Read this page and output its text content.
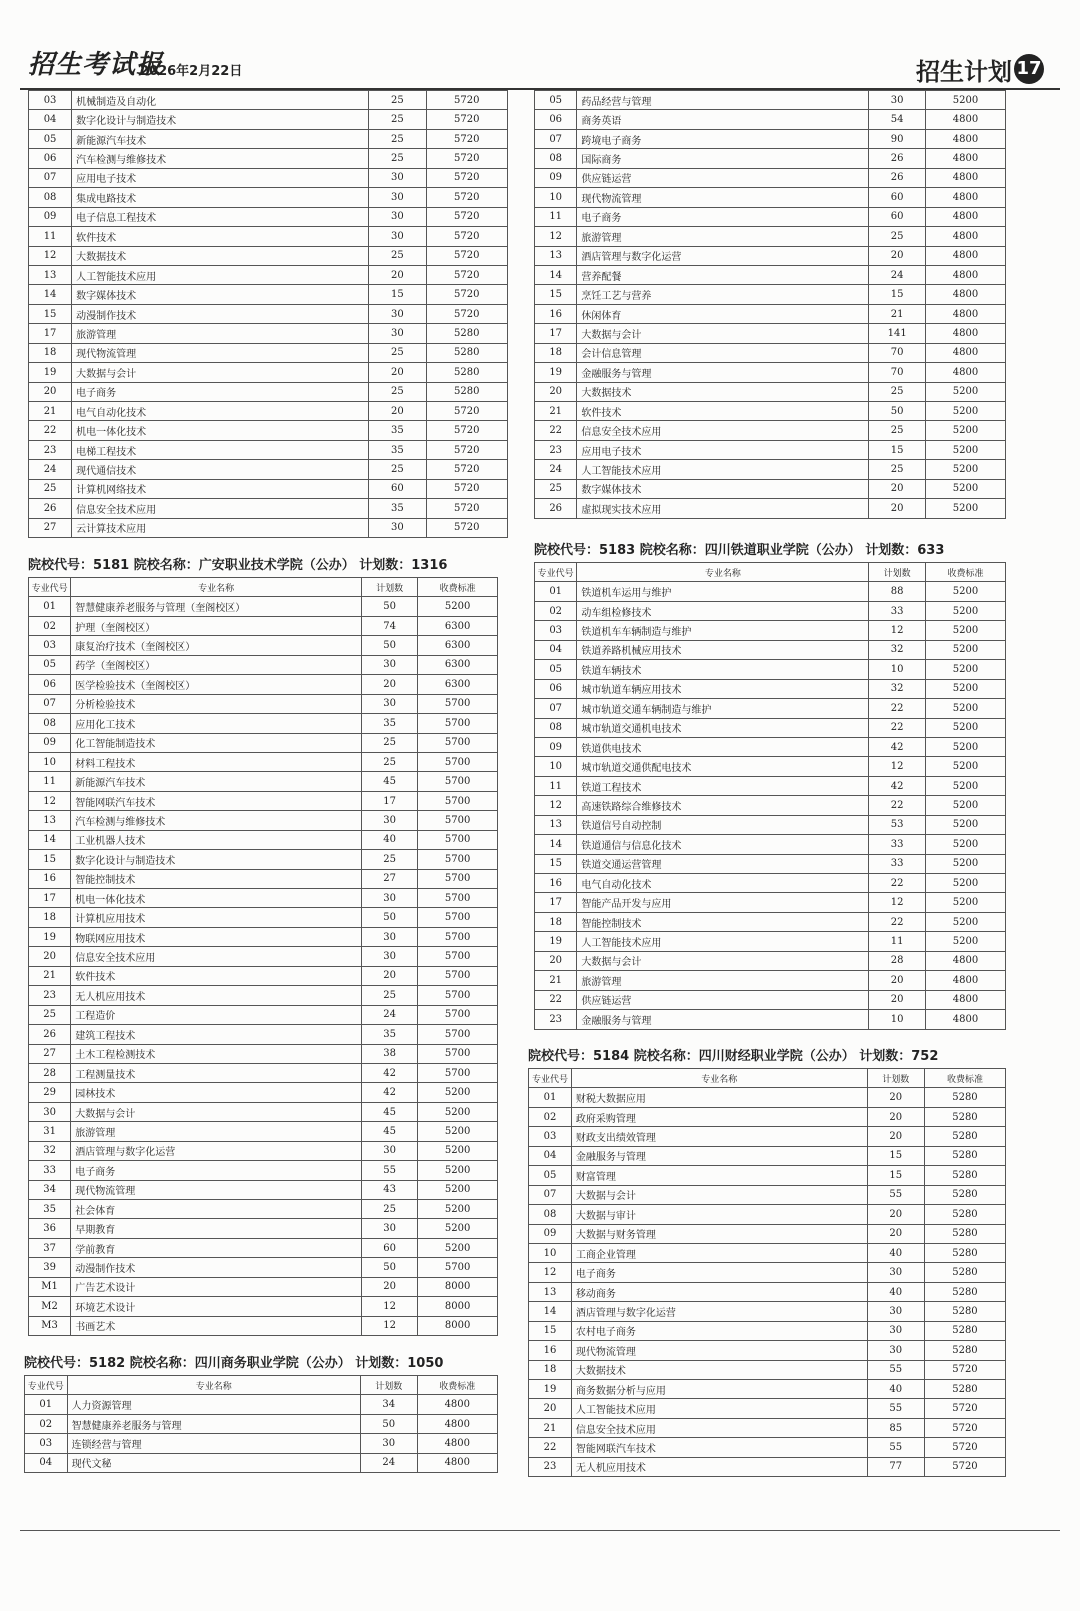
招生考试报
2026年2月22日	招生计划 17
03	机械制造及自动化	25	5720
04	数字化设计与制造技术	25	5720
05	新能源汽车技术	25	5720
06	汽车检测与维修技术	25	5720
07	应用电子技术	30	5720
08	集成电路技术	30	5720
09	电子信息工程技术	30	5720
11	软件技术	30	5720
12	大数据技术	25	5720
13	人工智能技术应用	20	5720
14	数字媒体技术	15	5720
15	动漫制作技术	30	5720
17	旅游管理	30	5280
18	现代物流管理	25	5280
19	大数据与会计	20	5280
20	电子商务	25	5280
21	电气自动化技术	20	5720
22	机电一体化技术	35	5720
23	电梯工程技术	35	5720
24	现代通信技术	25	5720
25	计算机网络技术	60	5720
26	信息安全技术应用	35	5720
27	云计算技术应用	30	5720
院校代号：5181 院校名称：广安职业技术学院（公办） 计划数：1316
专业代号	专业名称	计划数	收费标准
01	智慧健康养老服务与管理（奎阁校区）	50	5200
02	护理（奎阁校区）	74	6300
03	康复治疗技术（奎阁校区）	50	6300
05	药学（奎阁校区）	30	6300
06	医学检验技术（奎阁校区）	20	6300
07	分析检验技术	30	5700
08	应用化工技术	35	5700
09	化工智能制造技术	25	5700
10	材料工程技术	25	5700
11	新能源汽车技术	45	5700
12	智能网联汽车技术	17	5700
13	汽车检测与维修技术	30	5700
14	工业机器人技术	40	5700
15	数字化设计与制造技术	25	5700
16	智能控制技术	27	5700
17	机电一体化技术	30	5700
18	计算机应用技术	50	5700
19	物联网应用技术	30	5700
20	信息安全技术应用	30	5700
21	软件技术	20	5700
23	无人机应用技术	25	5700
25	工程造价	24	5700
26	建筑工程技术	35	5700
27	土木工程检测技术	38	5700
28	工程测量技术	42	5700
29	园林技术	42	5200
30	大数据与会计	45	5200
31	旅游管理	45	5200
32	酒店管理与数字化运营	30	5200
33	电子商务	55	5200
34	现代物流管理	43	5200
35	社会体育	25	5200
36	早期教育	30	5200
37	学前教育	60	5200
39	动漫制作技术	50	5700
M1	广告艺术设计	20	8000
M2	环境艺术设计	12	8000
M3	书画艺术	12	8000
院校代号：5182 院校名称：四川商务职业学院（公办） 计划数：1050
专业代号	专业名称	计划数	收费标准
01	人力资源管理	34	4800
02	智慧健康养老服务与管理	50	4800
03	连锁经营与管理	30	4800
04	现代文秘	24	4800
05	药品经营与管理	30	5200
06	商务英语	54	4800
07	跨境电子商务	90	4800
08	国际商务	26	4800
09	供应链运营	26	4800
10	现代物流管理	60	4800
11	电子商务	60	4800
12	旅游管理	25	4800
13	酒店管理与数字化运营	20	4800
14	营养配餐	24	4800
15	烹饪工艺与营养	15	4800
16	休闲体育	21	4800
17	大数据与会计	141	4800
18	会计信息管理	70	4800
19	金融服务与管理	70	4800
20	大数据技术	25	5200
21	软件技术	50	5200
22	信息安全技术应用	25	5200
23	应用电子技术	15	5200
24	人工智能技术应用	25	5200
25	数字媒体技术	20	5200
26	虚拟现实技术应用	20	5200
院校代号：5183 院校名称：四川铁道职业学院（公办） 计划数：633
专业代号	专业名称	计划数	收费标准
01	铁道机车运用与维护	88	5200
02	动车组检修技术	33	5200
03	铁道机车车辆制造与维护	12	5200
04	铁道养路机械应用技术	32	5200
05	铁道车辆技术	10	5200
06	城市轨道车辆应用技术	32	5200
07	城市轨道交通车辆制造与维护	22	5200
08	城市轨道交通机电技术	22	5200
09	铁道供电技术	42	5200
10	城市轨道交通供配电技术	12	5200
11	铁道工程技术	42	5200
12	高速铁路综合维修技术	22	5200
13	铁道信号自动控制	53	5200
14	铁道通信与信息化技术	33	5200
15	铁道交通运营管理	33	5200
16	电气自动化技术	22	5200
17	智能产品开发与应用	12	5200
18	智能控制技术	22	5200
19	人工智能技术应用	11	5200
20	大数据与会计	28	4800
21	旅游管理	20	4800
22	供应链运营	20	4800
23	金融服务与管理	10	4800
院校代号：5184 院校名称：四川财经职业学院（公办） 计划数：752
专业代号	专业名称	计划数	收费标准
01	财税大数据应用	20	5280
02	政府采购管理	20	5280
03	财政支出绩效管理	20	5280
04	金融服务与管理	15	5280
05	财富管理	15	5280
07	大数据与会计	55	5280
08	大数据与审计	20	5280
09	大数据与财务管理	20	5280
10	工商企业管理	40	5280
12	电子商务	30	5280
13	移动商务	40	5280
14	酒店管理与数字化运营	30	5280
15	农村电子商务	30	5280
16	现代物流管理	30	5280
18	大数据技术	55	5720
19	商务数据分析与应用	40	5280
20	人工智能技术应用	55	5720
21	信息安全技术应用	85	5720
22	智能网联汽车技术	55	5720
23	无人机应用技术	77	5720
